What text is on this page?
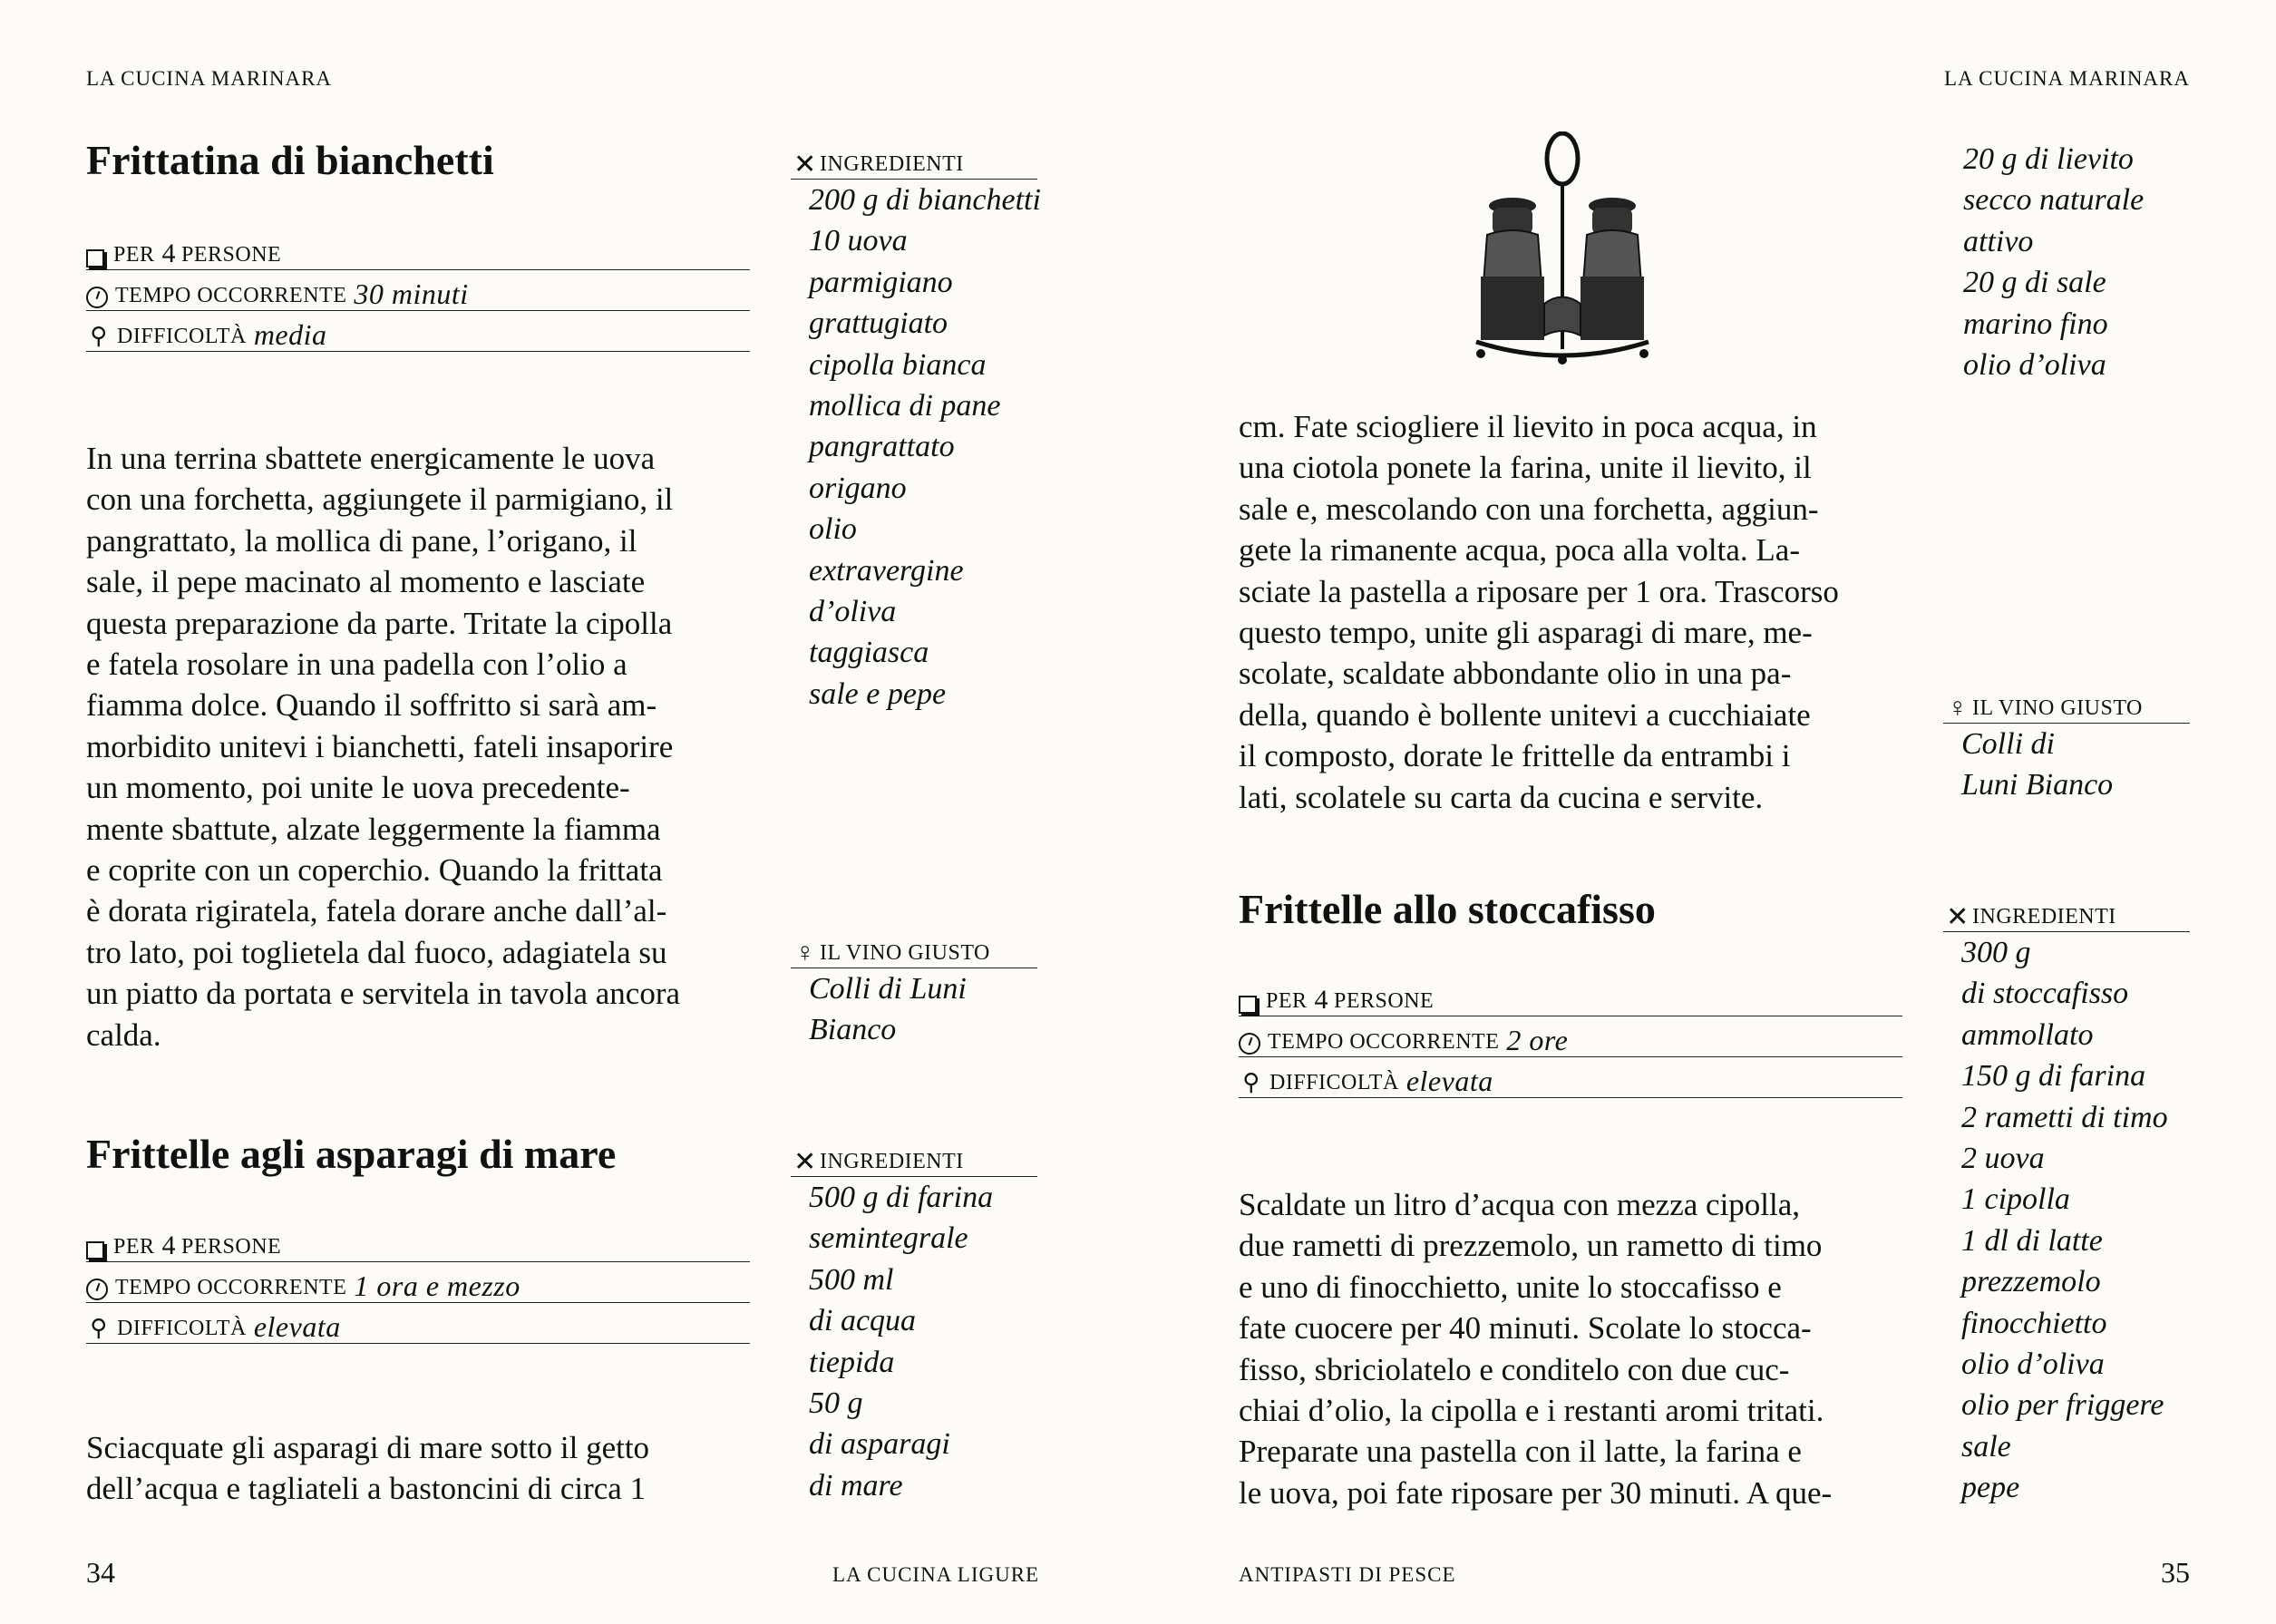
LA CUCINA MARINARA
Frittatina di bianchetti
PER 4 PERSONE
TEMPO OCCORRENTE 30 minuti
⚲ DIFFICOLTÀ media
In una terrina sbattete energicamente le uova
con una forchetta, aggiungete il parmigiano, il
pangrattato, la mollica di pane, l’origano, il
sale, il pepe macinato al momento e lasciate
questa preparazione da parte. Tritate la cipolla
e fatela rosolare in una padella con l’olio a
fiamma dolce. Quando il soffritto si sarà am-
morbidito unitevi i bianchetti, fateli insaporire
un momento, poi unite le uova precedente-
mente sbattute, alzate leggermente la fiamma
e coprite con un coperchio. Quando la frittata
è dorata rigiratela, fatela dorare anche dall’al-
tro lato, poi toglietela dal fuoco, adagiatela su
un piatto da portata e servitela in tavola ancora
calda.
✕ INGREDIENTI
200 g di bianchetti
10 uova
parmigiano
grattugiato
cipolla bianca
mollica di pane
pangrattato
origano
olio
extravergine
d’oliva
taggiasca
sale e pepe
♀ IL VINO GIUSTO
Colli di Luni
Bianco
Frittelle agli asparagi di mare
PER 4 PERSONE
TEMPO OCCORRENTE 1 ora e mezzo
⚲ DIFFICOLTÀ elevata
Sciacquate gli asparagi di mare sotto il getto
dell’acqua e tagliateli a bastoncini di circa 1
✕ INGREDIENTI
500 g di farina
semintegrale
500 ml
di acqua
tiepida
50 g
di asparagi
di mare
34	LA CUCINA LIGURE
LA CUCINA MARINARA
cm. Fate sciogliere il lievito in poca acqua, in
una ciotola ponete la farina, unite il lievito, il
sale e, mescolando con una forchetta, aggiun-
gete la rimanente acqua, poca alla volta. La-
sciate la pastella a riposare per 1 ora. Trascorso
questo tempo, unite gli asparagi di mare, me-
scolate, scaldate abbondante olio in una pa-
della, quando è bollente unitevi a cucchiaiate
il composto, dorate le frittelle da entrambi i
lati, scolatele su carta da cucina e servite.
20 g di lievito
secco naturale
attivo
20 g di sale
marino fino
olio d’oliva
♀ IL VINO GIUSTO
Colli di
Luni Bianco
Frittelle allo stoccafisso
PER 4 PERSONE
TEMPO OCCORRENTE 2 ore
⚲ DIFFICOLTÀ elevata
Scaldate un litro d’acqua con mezza cipolla,
due rametti di prezzemolo, un rametto di timo
e uno di finocchietto, unite lo stoccafisso e
fate cuocere per 40 minuti. Scolate lo stocca-
fisso, sbriciolatelo e conditelo con due cuc-
chiai d’olio, la cipolla e i restanti aromi tritati.
Preparate una pastella con il latte, la farina e
le uova, poi fate riposare per 30 minuti. A que-
✕ INGREDIENTI
300 g
di stoccafisso
ammollato
150 g di farina
2 rametti di timo
2 uova
1 cipolla
1 dl di latte
prezzemolo
finocchietto
olio d’oliva
olio per friggere
sale
pepe
ANTIPASTI DI PESCE	35
